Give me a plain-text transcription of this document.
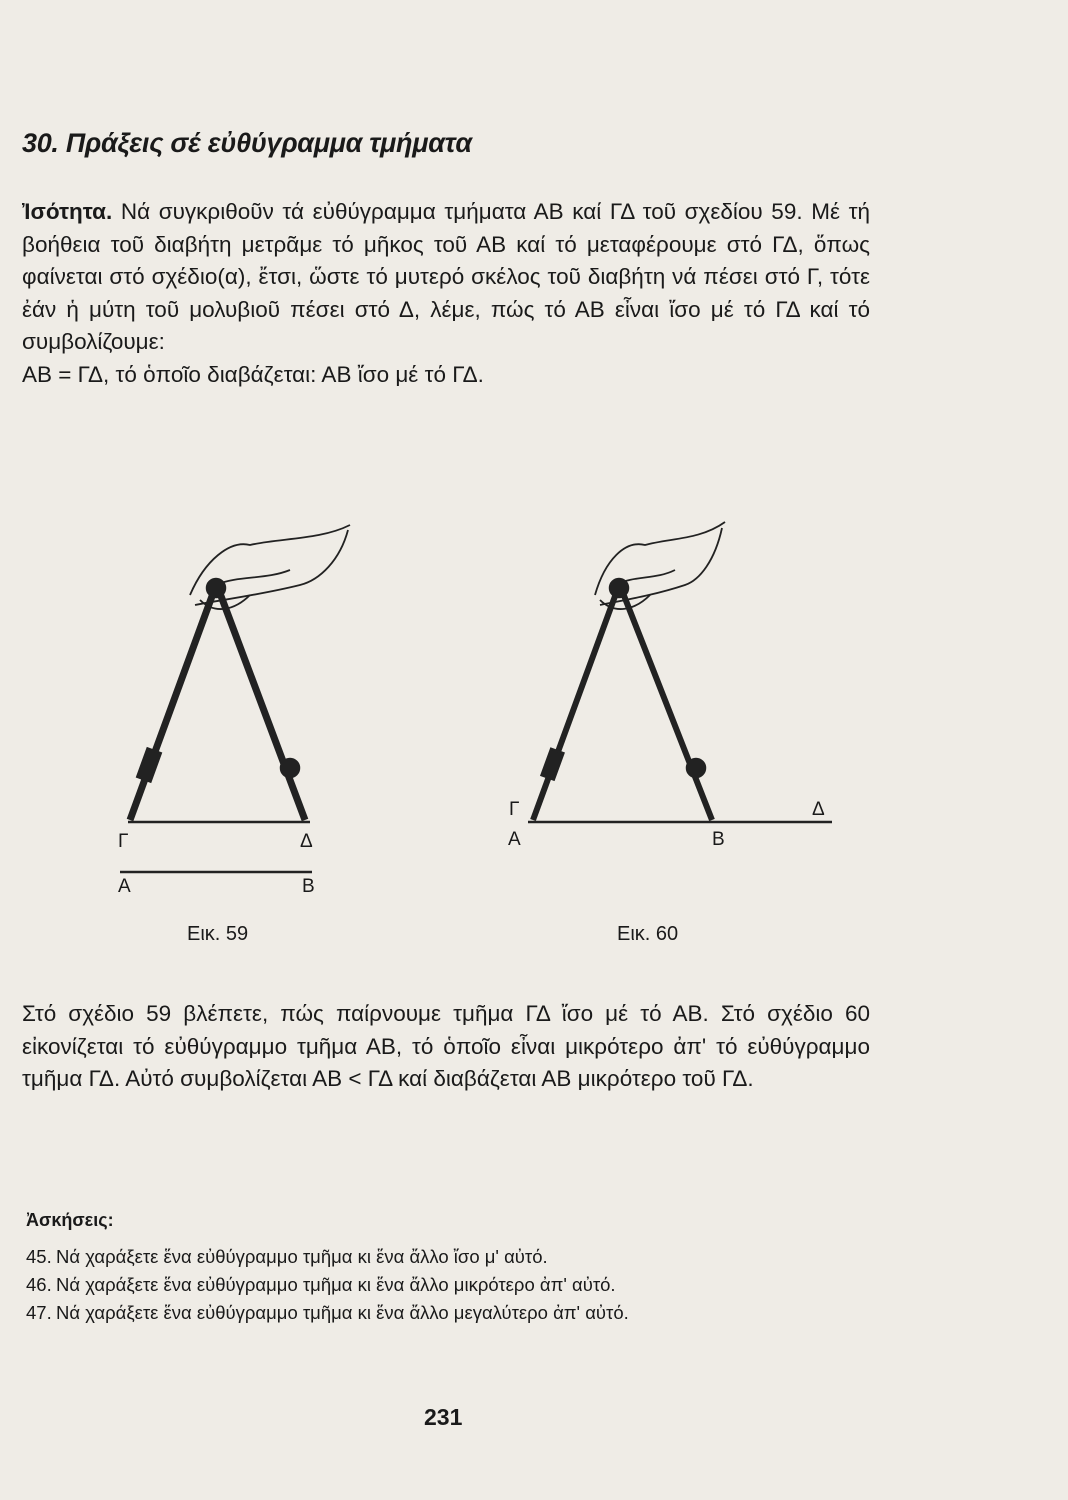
30. Πράξεις σέ εὐθύγραμμα τμήματα

Ἰσότητα. Νά συγκριθοῦν τά εὐθύγραμμα τμήματα ΑΒ καί ΓΔ τοῦ σχεδίου 59. Μέ τή βοήθεια τοῦ διαβήτη μετρᾶμε τό μῆκος τοῦ ΑΒ καί τό μεταφέρουμε στό ΓΔ, ὅπως φαίνεται στό σχέδιο(α), ἔτσι, ὥστε τό μυτερό σκέλος τοῦ διαβήτη νά πέσει στό Γ, τότε ἐάν ἡ μύτη τοῦ μολυβιοῦ πέσει στό Δ, λέμε, πώς τό ΑΒ εἶναι ἴσο μέ τό ΓΔ καί τό συμβολίζουμε:

ΑΒ = ΓΔ, τό ὁποῖο διαβάζεται: ΑΒ ἴσο μέ τό ΓΔ.

Γ	Δ
Α	Β
Εικ. 59
Γ
Α	Β
Δ
Εικ. 60

Στό σχέδιο 59 βλέπετε, πώς παίρνουμε τμῆμα ΓΔ ἴσο μέ τό ΑΒ. Στό σχέδιο 60 εἰκονίζεται τό εὐθύγραμμο τμῆμα ΑΒ, τό ὁποῖο εἶναι μικρότερο ἀπ' τό εὐθύγραμμο τμῆμα ΓΔ. Αὐτό συμβολίζεται ΑΒ < ΓΔ καί διαβάζεται ΑΒ μικρότερο τοῦ ΓΔ.

Ἀσκήσεις:
45. Νά χαράξετε ἕνα εὐθύγραμμο τμῆμα κι ἕνα ἄλλο ἴσο μ' αὐτό.
46. Νά χαράξετε ἕνα εὐθύγραμμο τμῆμα κι ἕνα ἄλλο μικρότερο ἀπ' αὐτό.
47. Νά χαράξετε ἕνα εὐθύγραμμο τμῆμα κι ἕνα ἄλλο μεγαλύτερο ἀπ' αὐτό.
231
